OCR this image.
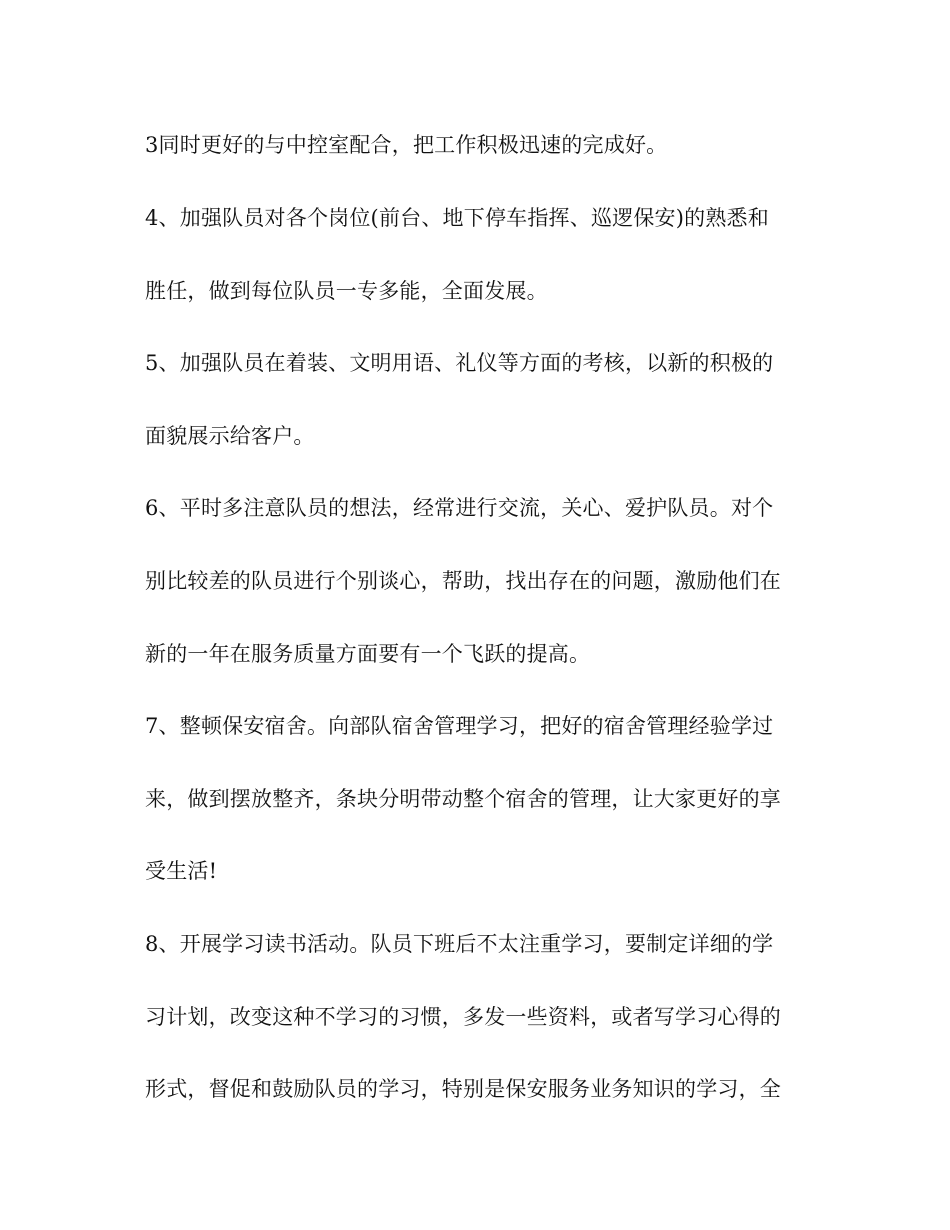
3同时更好的与中控室配合，把工作积极迅速的完成好。

4、加强队员对各个岗位(前台、地下停车指挥、巡逻保安)的熟悉和

胜任，做到每位队员一专多能，全面发展。

5、加强队员在着装、文明用语、礼仪等方面的考核，以新的积极的

面貌展示给客户。

6、平时多注意队员的想法，经常进行交流，关心、爱护队员。对个

别比较差的队员进行个别谈心，帮助，找出存在的问题，激励他们在

新的一年在服务质量方面要有一个飞跃的提高。

7、整顿保安宿舍。向部队宿舍管理学习，把好的宿舍管理经验学过

来，做到摆放整齐，条块分明带动整个宿舍的管理，让大家更好的享

受生活!

8、开展学习读书活动。队员下班后不太注重学习，要制定详细的学

习计划，改变这种不学习的习惯，多发一些资料，或者写学习心得的

形式，督促和鼓励队员的学习，特别是保安服务业务知识的学习，全
